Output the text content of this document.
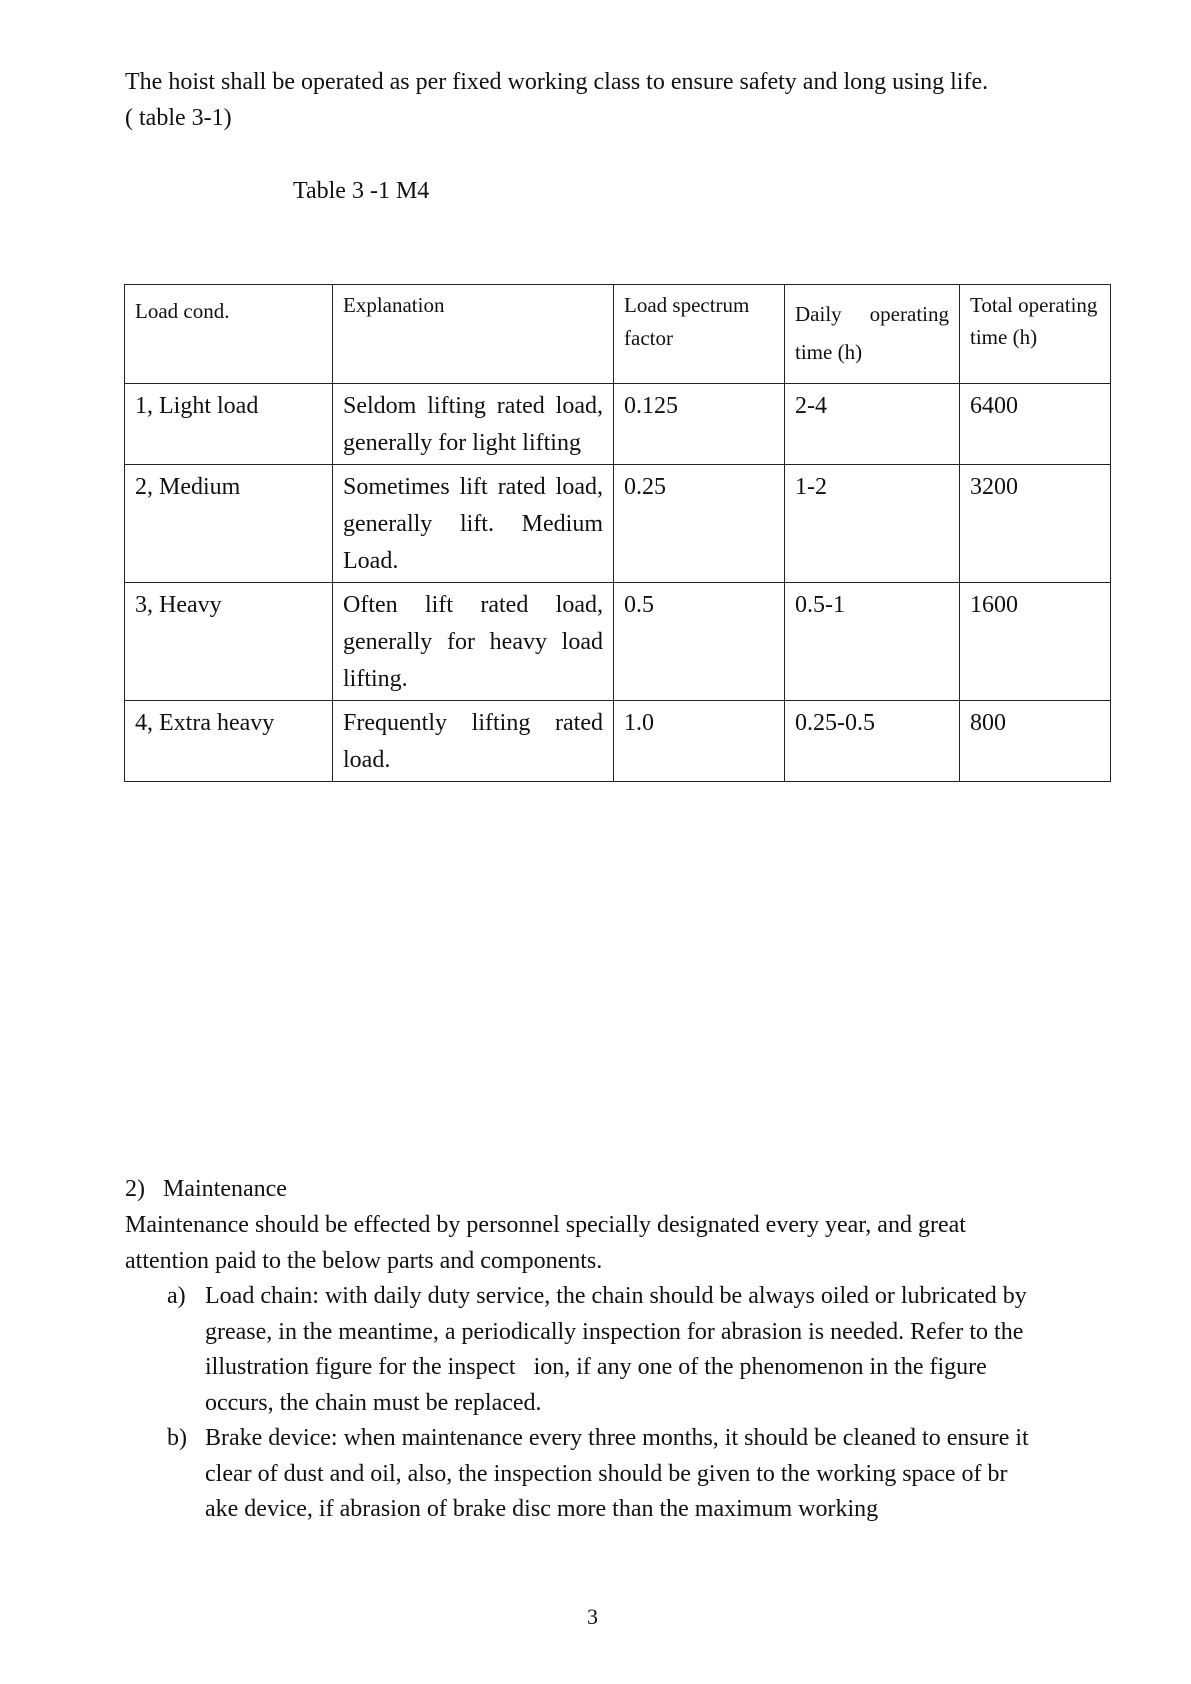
The hoist shall be operated as per fixed working class to ensure safety and long using life.
( table 3-1)
Table 3 -1 M4
Load cond.	Explanation	Load spectrum factor	Daily operating time (h)	Total operating time (h)
1, Light load	Seldom lifting rated load, generally for light lifting	0.125	2-4	6400
2, Medium	Sometimes lift rated load, generally lift. Medium Load.	0.25	1-2	3200
3, Heavy	Often lift rated load, generally for heavy load lifting.	0.5	0.5-1	1600
4, Extra heavy	Frequently lifting rated load.	1.0	0.25-0.5	800
2)   Maintenance
Maintenance should be effected by personnel specially designated every year, and great
attention paid to the below parts and components.
a) Load chain: with daily duty service, the chain should be always oiled or lubricated by grease, in the meantime, a periodically inspection for abrasion is needed. Refer to the illustration figure for the inspect   ion, if any one of the phenomenon in the figure occurs, the chain must be replaced.
b) Brake device: when maintenance every three months, it should be cleaned to ensure it clear of dust and oil, also, the inspection should be given to the working space of br ake device, if abrasion of brake disc more than the maximum working
3
